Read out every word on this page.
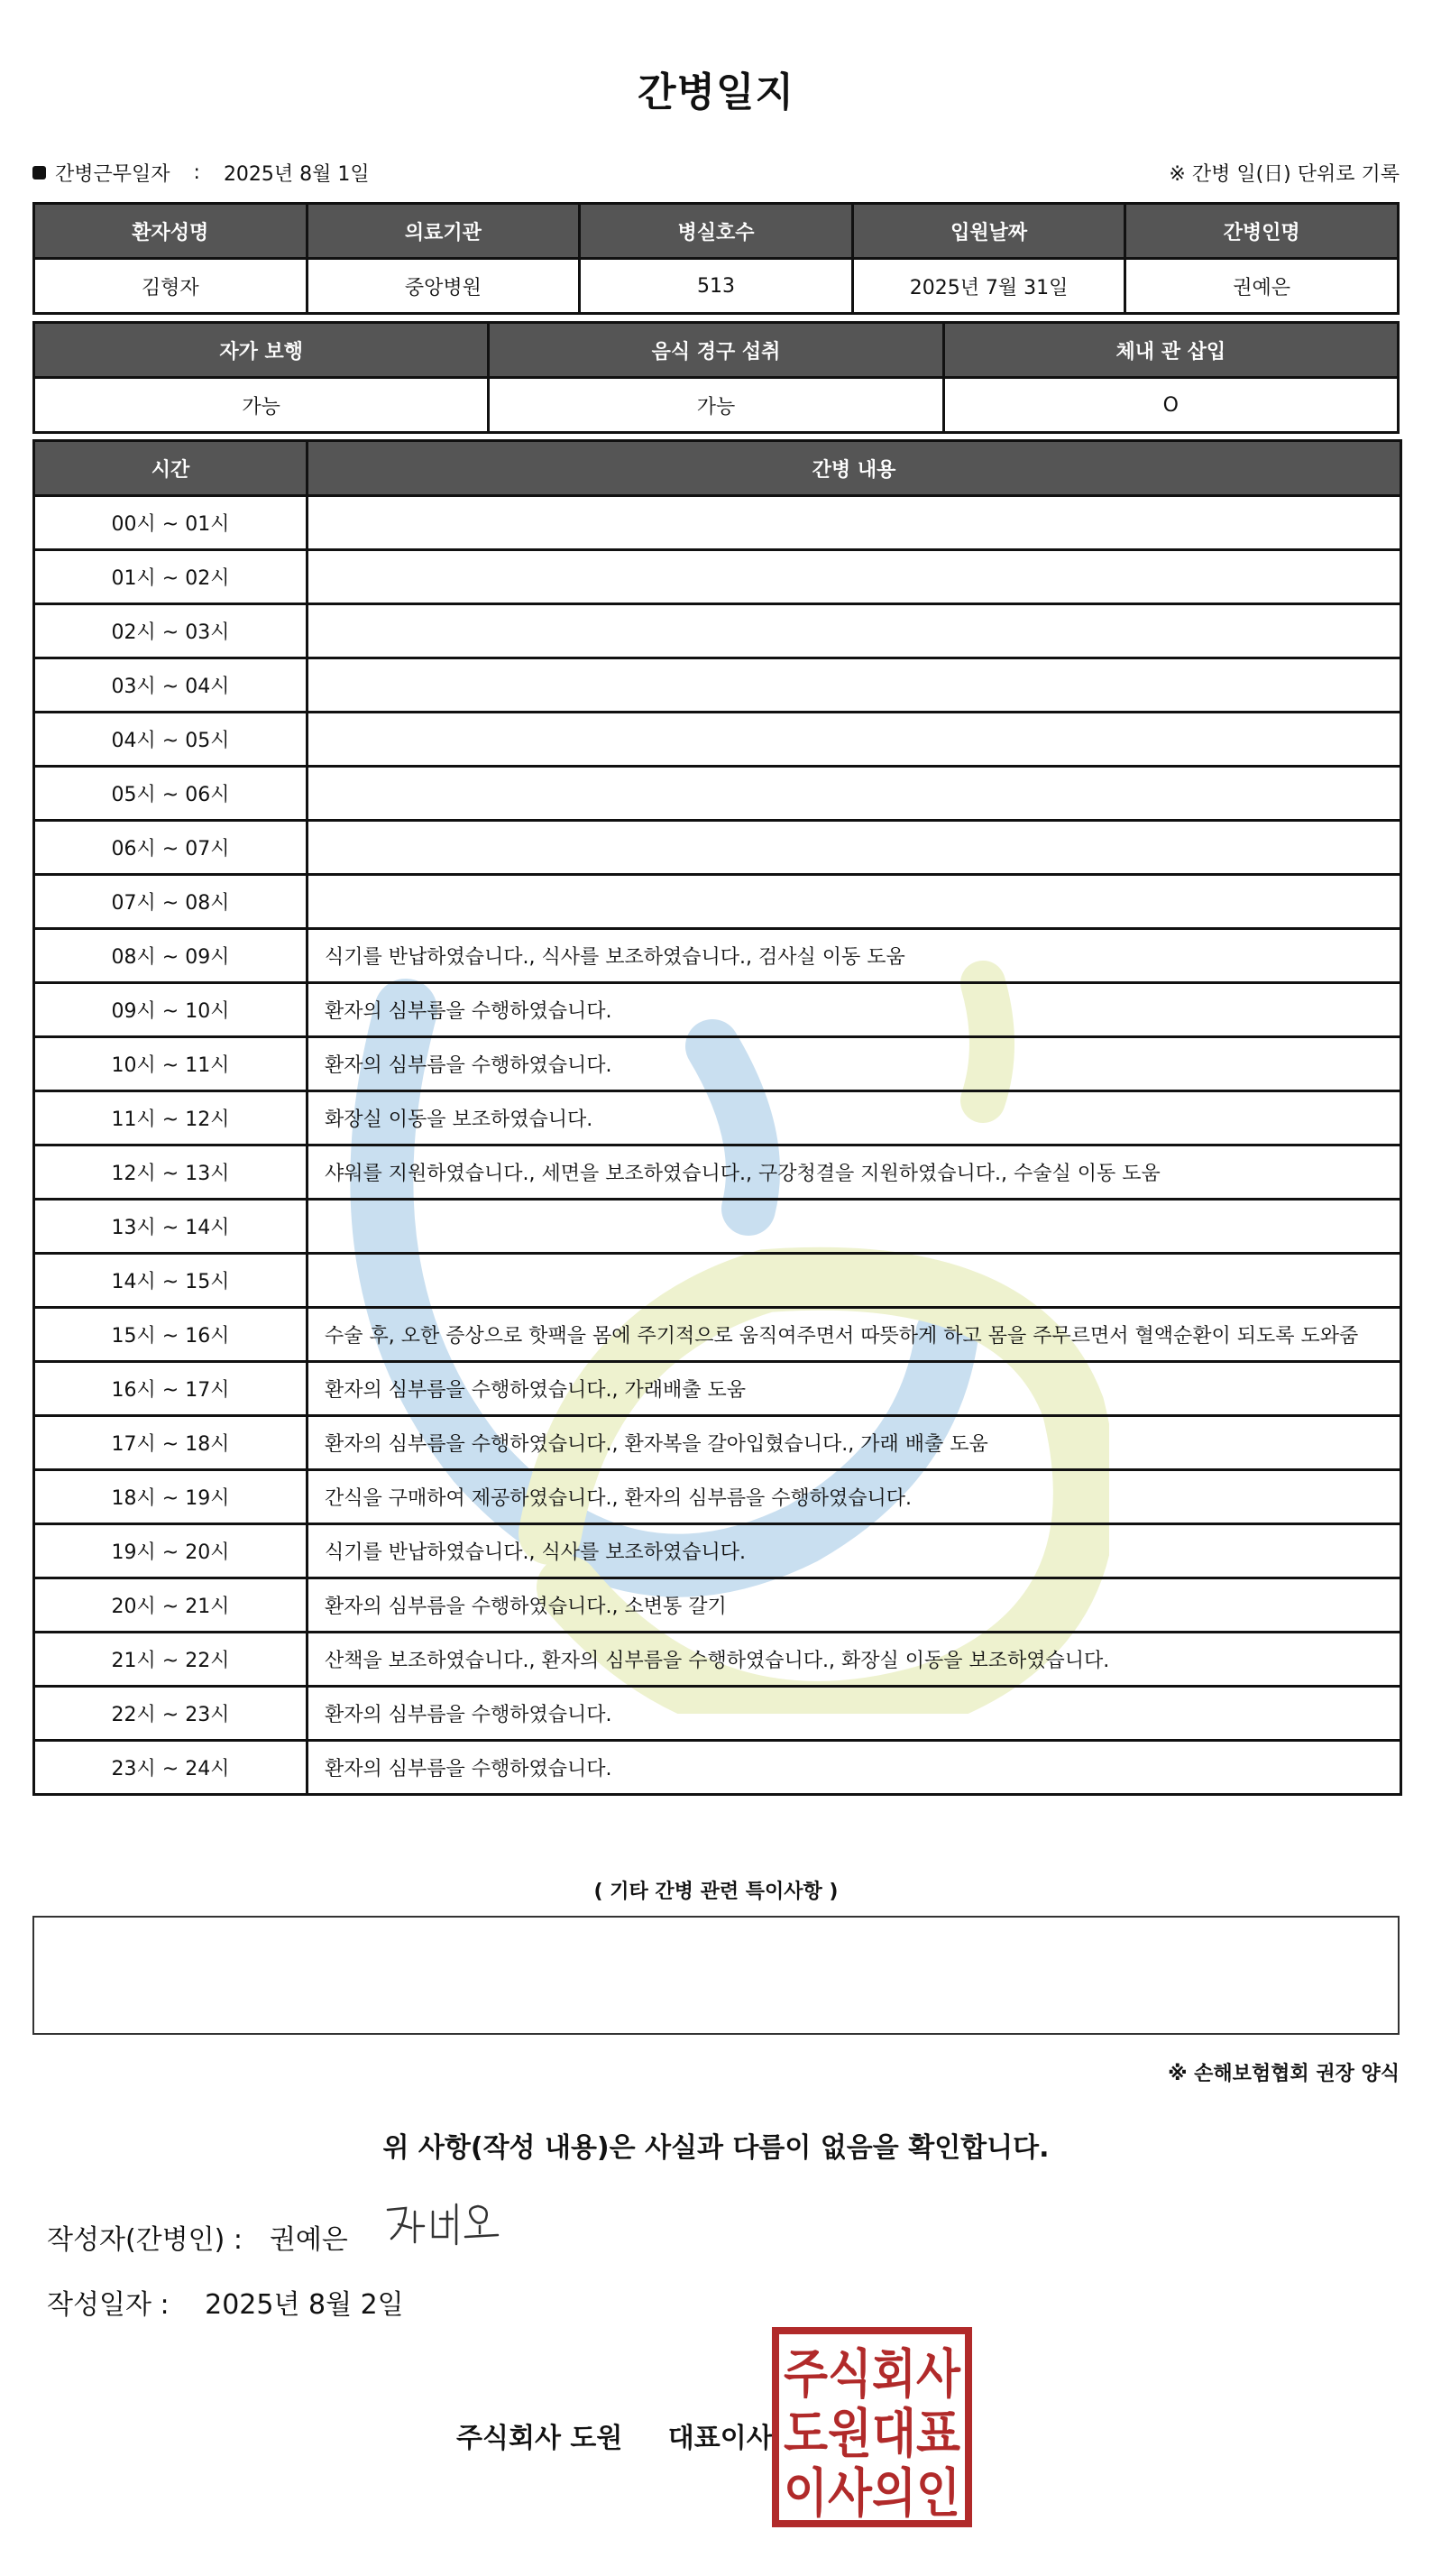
간병일지
간병근무일자 : 2025년 8월 1일	※ 간병 일(日) 단위로 기록
환자성명	의료기관	병실호수	입원날짜	간병인명
김형자	중앙병원	513	2025년 7월 31일	권예은
자가 보행	음식 경구 섭취	체내 관 삽입
가능	가능	O
시간	간병 내용
00시 ~ 01시	
01시 ~ 02시	
02시 ~ 03시	
03시 ~ 04시	
04시 ~ 05시	
05시 ~ 06시	
06시 ~ 07시	
07시 ~ 08시	
08시 ~ 09시	식기를 반납하였습니다., 식사를 보조하였습니다., 검사실 이동 도움
09시 ~ 10시	환자의 심부름을 수행하였습니다.
10시 ~ 11시	환자의 심부름을 수행하였습니다.
11시 ~ 12시	화장실 이동을 보조하였습니다.
12시 ~ 13시	샤워를 지원하였습니다., 세면을 보조하였습니다., 구강청결을 지원하였습니다., 수술실 이동 도움
13시 ~ 14시	
14시 ~ 15시	
15시 ~ 16시	수술 후, 오한 증상으로 핫팩을 몸에 주기적으로 움직여주면서 따뜻하게 하고 몸을 주무르면서 혈액순환이 되도록 도와줌
16시 ~ 17시	환자의 심부름을 수행하였습니다., 가래배출 도움
17시 ~ 18시	환자의 심부름을 수행하였습니다., 환자복을 갈아입혔습니다., 가래 배출 도움
18시 ~ 19시	간식을 구매하여 제공하였습니다., 환자의 심부름을 수행하였습니다.
19시 ~ 20시	식기를 반납하였습니다., 식사를 보조하였습니다.
20시 ~ 21시	환자의 심부름을 수행하였습니다., 소변통 갈기
21시 ~ 22시	산책을 보조하였습니다., 환자의 심부름을 수행하였습니다., 화장실 이동을 보조하였습니다.
22시 ~ 23시	환자의 심부름을 수행하였습니다.
23시 ~ 24시	환자의 심부름을 수행하였습니다.
( 기타 간병 관련 특이사항 )
※ 손해보험협회 권장 양식
위 사항(작성 내용)은 사실과 다름이 없음을 확인합니다.
작성자(간병인) : 권예은
작성일자 : 2025년 8월 2일
주식회사 도원 대표이사
주식회사
도원대표
이사의인
